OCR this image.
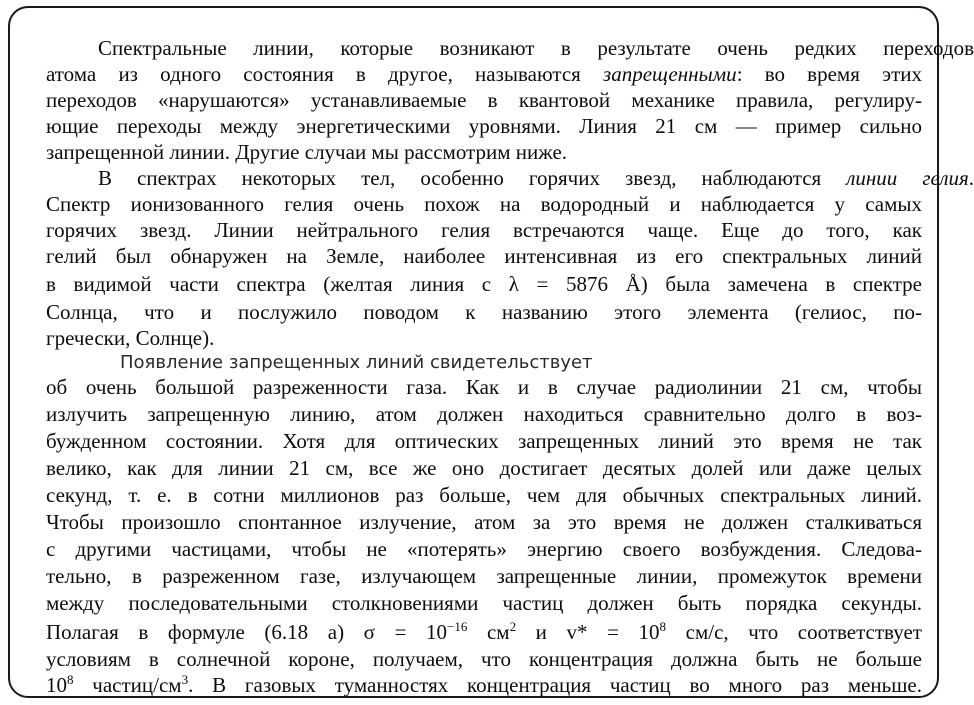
Спектральные линии, которые возникают в результате очень редких переходов
атома из одного состояния в другое, называются запрещенными: во время этих
переходов «нарушаются» устанавливаемые в квантовой механике правила, регулиру-
ющие переходы между энергетическими уровнями. Линия 21 см — пример сильно
запрещенной линии. Другие случаи мы рассмотрим ниже.
В спектрах некоторых тел, особенно горячих звезд, наблюдаются линии гелия.
Спектр ионизованного гелия очень похож на водородный и наблюдается у самых
горячих звезд. Линии нейтрального гелия встречаются чаще. Еще до того, как
гелий был обнаружен на Земле, наиболее интенсивная из его спектральных линий
в видимой части спектра (желтая линия с λ = 5876 Å) была замечена в спектре
Солнца, что и послужило поводом к названию этого элемента (гелиос, по-
гречески, Солнце).
Появление запрещенных линий свидетельствует
об очень большой разреженности газа. Как и в случае радиолинии 21 см, чтобы
излучить запрещенную линию, атом должен находиться сравнительно долго в воз-
бужденном состоянии. Хотя для оптических запрещенных линий это время не так
велико, как для линии 21 см, все же оно достигает десятых долей или даже целых
секунд, т. е. в сотни миллионов раз больше, чем для обычных спектральных линий.
Чтобы произошло спонтанное излучение, атом за это время не должен сталкиваться
с другими частицами, чтобы не «потерять» энергию своего возбуждения. Следова-
тельно, в разреженном газе, излучающем запрещенные линии, промежуток времени
между последовательными столкновениями частиц должен быть порядка секунды.
Полагая в формуле (6.18 а) $\sigma = 10^{-16}$ $см^2$ и $v* = 10^8$ см/с, что соответствует
условиям в солнечной короне, получаем, что концентрация должна быть не больше
$10^8$ частиц/$см^3$. В газовых туманностях концентрация частиц во много раз меньше.
